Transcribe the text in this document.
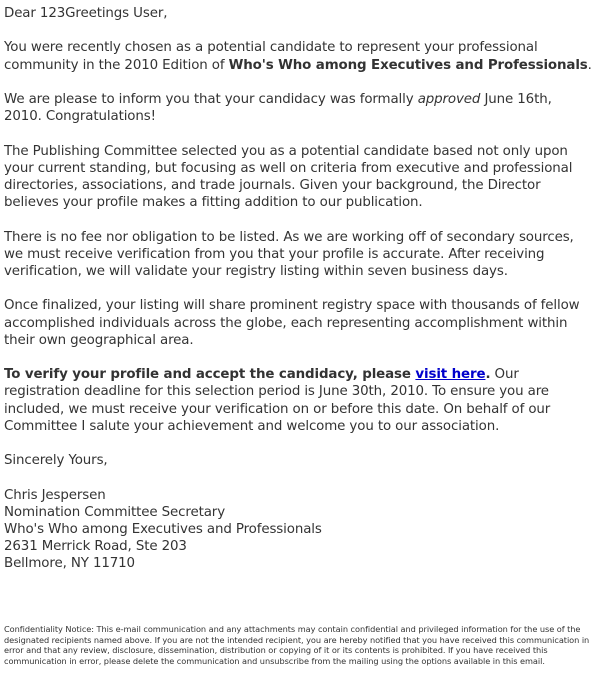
Dear 123Greetings User,

You were recently chosen as a potential candidate to represent your professional community in the 2010 Edition of Who's Who among Executives and Professionals.

We are please to inform you that your candidacy was formally approved June 16th, 2010. Congratulations!

The Publishing Committee selected you as a potential candidate based not only upon your current standing, but focusing as well on criteria from executive and professional directories, associations, and trade journals. Given your background, the Director believes your profile makes a fitting addition to our publication.

There is no fee nor obligation to be listed. As we are working off of secondary sources, we must receive verification from you that your profile is accurate. After receiving verification, we will validate your registry listing within seven business days.

Once finalized, your listing will share prominent registry space with thousands of fellow accomplished individuals across the globe, each representing accomplishment within their own geographical area.

To verify your profile and accept the candidacy, please visit here. Our registration deadline for this selection period is June 30th, 2010. To ensure you are included, we must receive your verification on or before this date. On behalf of our Committee I salute your achievement and welcome you to our association.

Sincerely Yours,

Chris Jespersen
Nomination Committee Secretary
Who's Who among Executives and Professionals
2631 Merrick Road, Ste 203
Bellmore, NY 11710

Confidentiality Notice: This e-mail communication and any attachments may contain confidential and privileged information for the use of the designated recipients named above. If you are not the intended recipient, you are hereby notified that you have received this communication in error and that any review, disclosure, dissemination, distribution or copying of it or its contents is prohibited. If you have received this communication in error, please delete the communication and unsubscribe from the mailing using the options available in this email.
